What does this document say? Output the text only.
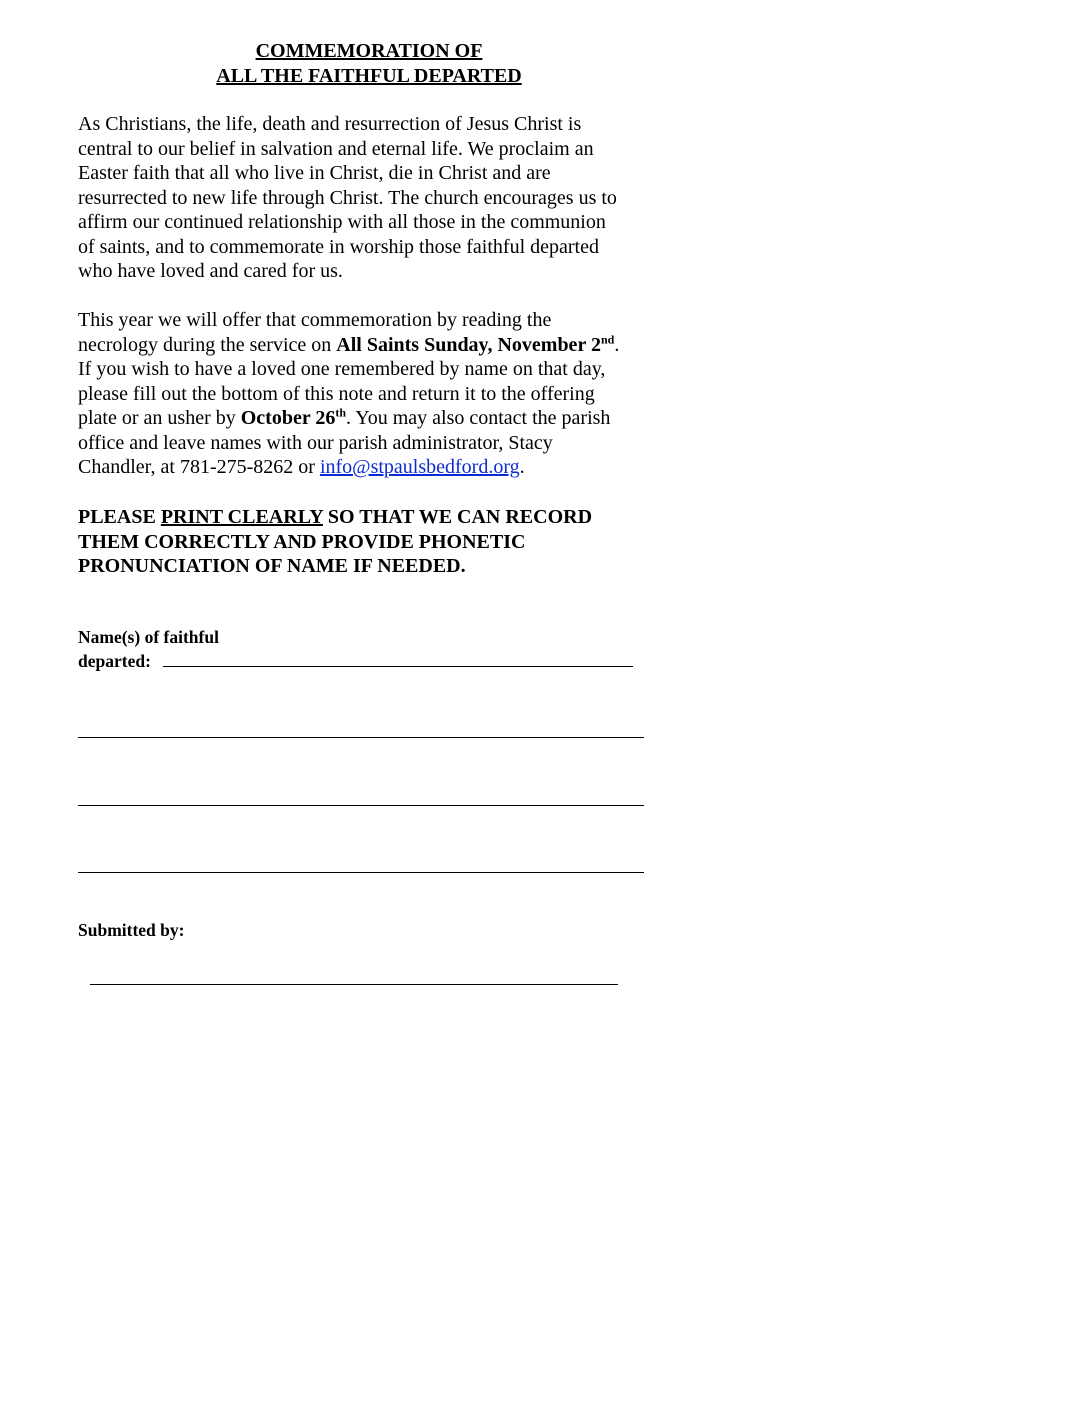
COMMEMORATION OF
ALL THE FAITHFUL DEPARTED

As Christians, the life, death and resurrection of Jesus Christ is
central to our belief in salvation and eternal life. We proclaim an
Easter faith that all who live in Christ, die in Christ and are
resurrected to new life through Christ. The church encourages us to
affirm our continued relationship with all those in the communion
of saints, and to commemorate in worship those faithful departed
who have loved and cared for us.

This year we will offer that commemoration by reading the
necrology during the service on All Saints Sunday, November 2nd.
If you wish to have a loved one remembered by name on that day,
please fill out the bottom of this note and return it to the offering
plate or an usher by October 26th. You may also contact the parish
office and leave names with our parish administrator, Stacy
Chandler, at 781-275-8262 or info@stpaulsbedford.org.

PLEASE PRINT CLEARLY SO THAT WE CAN RECORD
THEM CORRECTLY AND PROVIDE PHONETIC
PRONUNCIATION OF NAME IF NEEDED.

Name(s) of faithful
departed:

Submitted by:
